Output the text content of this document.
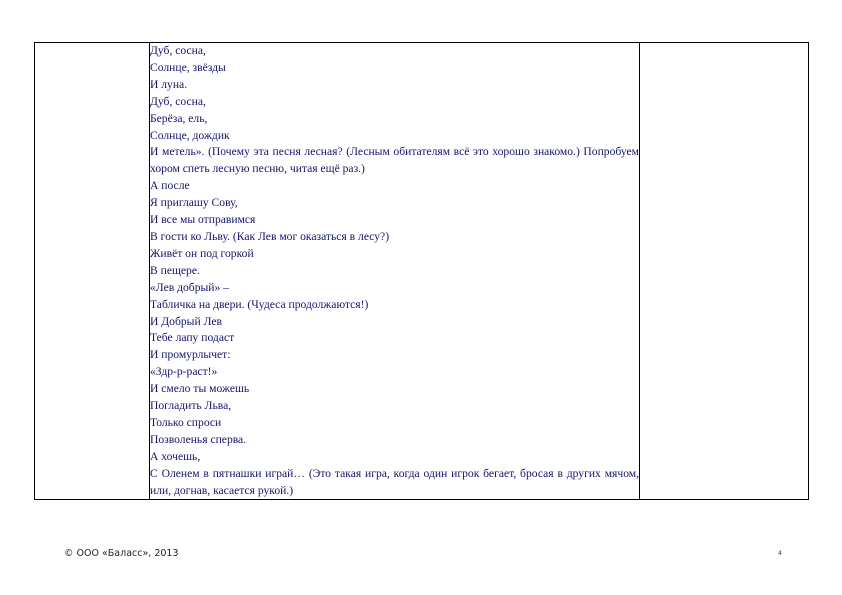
Дуб, сосна,
Солнце, звёзды
И луна.
Дуб, сосна,
Берёза, ель,
Солнце, дождик
И метель». (Почему эта песня лесная? (Лесным обитателям всё это хорошо знакомо.) Попробуем хором спеть лесную песню, читая ещё раз.)
А после
Я приглашу Сову,
И все мы отправимся
В гости ко Льву. (Как Лев мог оказаться в лесу?)
Живёт он под горкой
В пещере.
«Лев добрый» –
Табличка на двери. (Чудеса продолжаются!)
И Добрый Лев
Тебе лапу подаст
И промурлычет:
«Здр-р-раст!»
И смело ты можешь
Погладить Льва,
Только спроси
Позволенья сперва.
А хочешь,
С Оленем в пятнашки играй… (Это такая игра, когда один игрок бегает, бросая в других мячом, или, догнав, касается рукой.)

© ООО «Баласс», 2013	4
